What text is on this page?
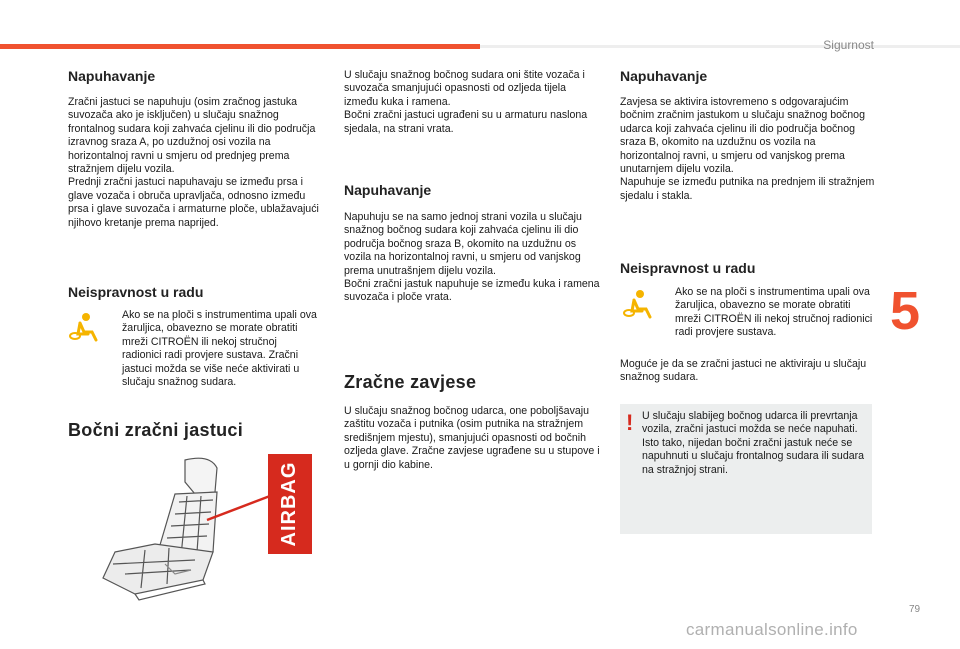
Sigurnost
5
79
carmanualsonline.info
Napuhavanje

Zračni jastuci se napuhuju (osim zračnog jastuka suvozača ako je isključen) u slučaju snažnog frontalnog sudara koji zahvaća cjelinu ili dio područja izravnog sraza A, po uzdužnoj osi vozila na horizontalnoj ravni u smjeru od prednjeg prema stražnjem dijelu vozila.

Prednji zračni jastuci napuhavaju se između prsa i glave vozača i obruča upravljača, odnosno između prsa i glave suvozača i armaturne ploče, ublažavajući njihovo kretanje prema naprijed.

Neispravnost u radu
Ako se na ploči s instrumentima upali ova žaruljica, obavezno se morate obratiti mreži CITROËN ili nekoj stručnoj radionici radi provjere sustava. Zračni jastuci možda se više neće aktivirati u slučaju snažnog sudara.
Bočni zračni jastuci
AIRBAG

U slučaju snažnog bočnog sudara oni štite vozača i suvozača smanjujući opasnosti od ozljeda tijela između kuka i ramena.

Bočni zračni jastuci ugrađeni su u armaturu naslona sjedala, na strani vrata.

Napuhavanje

Napuhuju se na samo jednoj strani vozila u slučaju snažnog bočnog sudara koji zahvaća cjelinu ili dio područja bočnog sraza B, okomito na uzdužnu os vozila na horizontalnoj ravni, u smjeru od vanjskog prema unutrašnjem dijelu vozila.

Bočni zračni jastuk napuhuje se između kuka i ramena suvozača i ploče vrata.

Zračne zavjese
U slučaju snažnog bočnog udarca, one poboljšavaju zaštitu vozača i putnika (osim putnika na stražnjem središnjem mjestu), smanjujući opasnosti od bočnih ozljeda glave. Zračne zavjese ugrađene su u stupove i u gornji dio kabine.
Napuhavanje

Zavjesa se aktivira istovremeno s odgovarajućim bočnim zračnim jastukom u slučaju snažnog bočnog udarca koji zahvaća cjelinu ili dio područja bočnog sraza B, okomito na uzdužnu os vozila na horizontalnoj ravni, u smjeru od vanjskog prema unutarnjem dijelu vozila.

Napuhuje se između putnika na prednjem ili stražnjem sjedalu i stakla.

Neispravnost u radu
Ako se na ploči s instrumentima upali ova žaruljica, obavezno se morate obratiti mreži CITROËN ili nekoj stručnoj radionici radi provjere sustava.
Moguće je da se zračni jastuci ne aktiviraju u slučaju snažnog sudara.
! U slučaju slabijeg bočnog udarca ili prevrtanja vozila, zračni jastuci možda se neće napuhati.

Isto tako, nijedan bočni zračni jastuk neće se napuhnuti u slučaju frontalnog sudara ili sudara na stražnjoj strani.
